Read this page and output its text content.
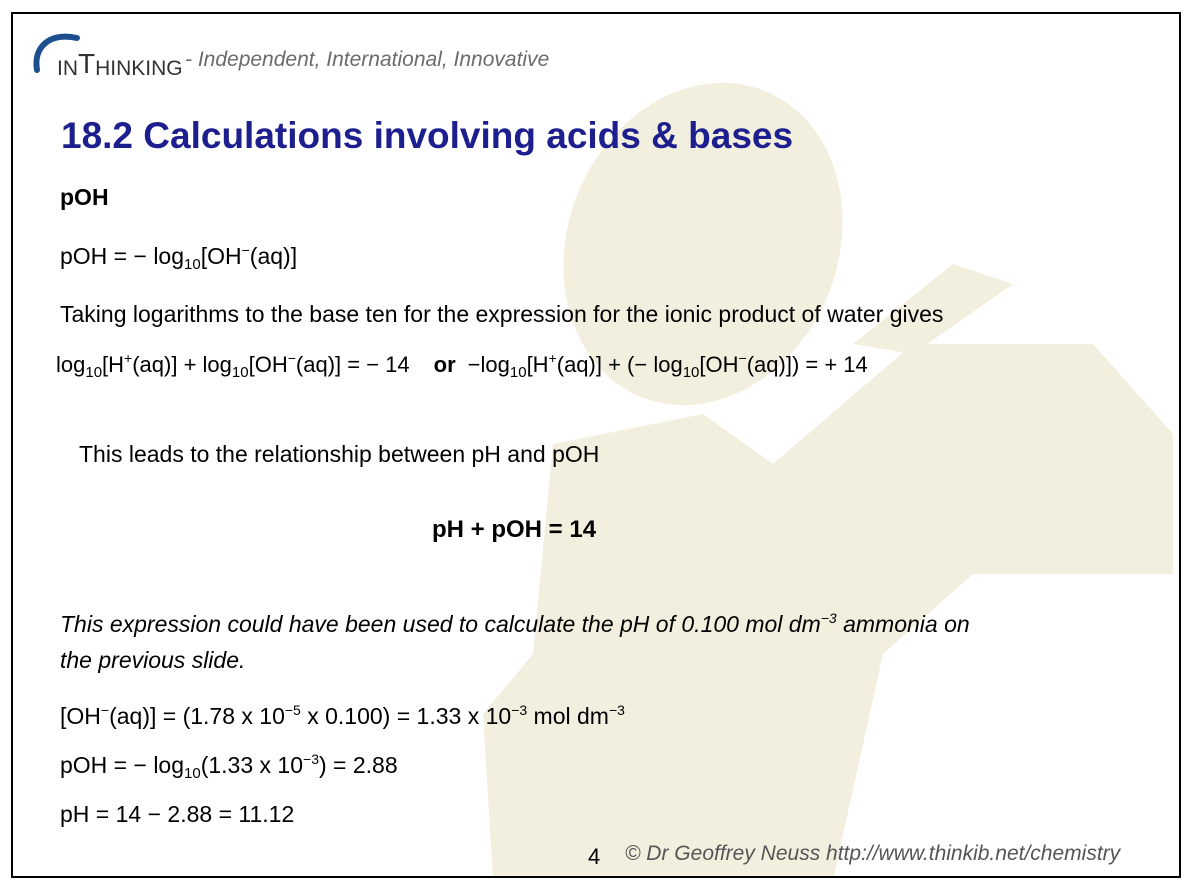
INTHINKING - Independent, International, Innovative
18.2 Calculations involving acids & bases
pOH
pOH = − $\log_{10}[OH^-(aq)]$
Taking logarithms to the base ten for the expression for the ionic product of water gives
$\log_{10}[H^+(aq)] + \log_{10}[OH^-(aq)]$ = − 14 or $-\log_{10}[H^+(aq)]$ + (− $\log_{10}[OH^-(aq)]$) = + 14
This leads to the relationship between pH and pOH
pH + pOH = 14
This expression could have been used to calculate the pH of 0.100 mol $dm^{-3}$ ammonia on
the previous slide.
[OH−(aq)] = (1.78 x $10^{-5}$ x 0.100) = 1.33 x $10^{-3}$ mol $dm^{-3}$
pOH = − $\log_{10}(1.33$ x $10^{-3}) = 2.88$
pH = 14 − 2.88 = 11.12
4 © Dr Geoffrey Neuss http://www.thinkib.net/chemistry
